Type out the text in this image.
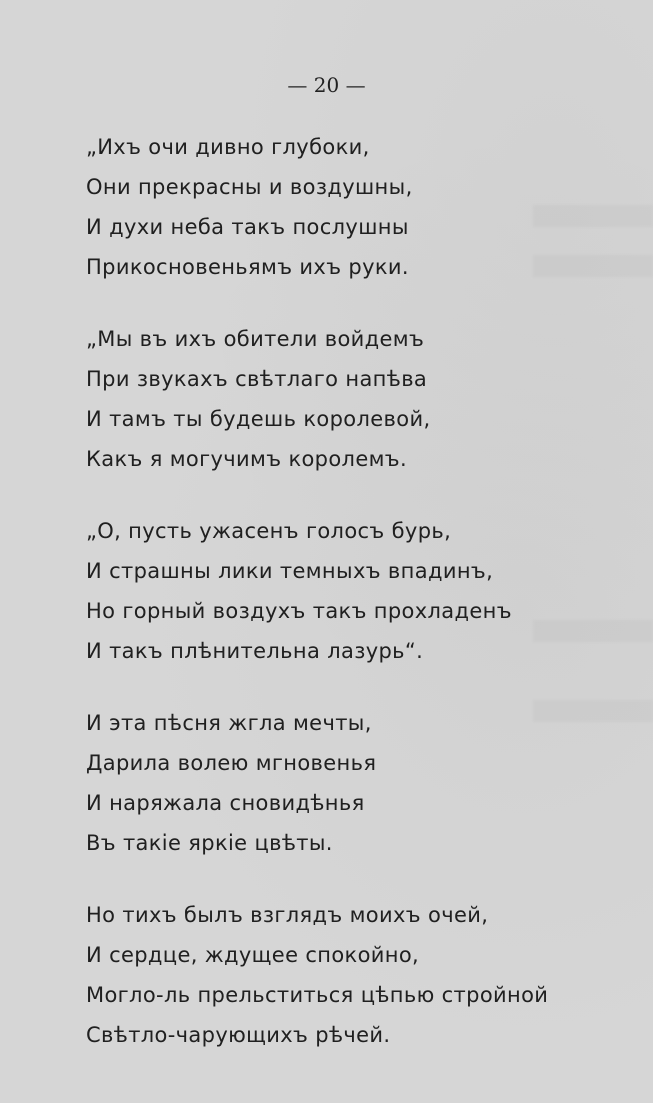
— 20 —
„Ихъ очи дивно глубоки,
Они прекрасны и воздушны,
И духи неба такъ послушны
Прикосновеньямъ ихъ руки.
„Мы въ ихъ обители войдемъ
При звукахъ свѣтлаго напѣва
И тамъ ты будешь королевой,
Какъ я могучимъ королемъ.
„О, пусть ужасенъ голосъ бурь,
И страшны лики темныхъ впадинъ,
Но горный воздухъ такъ прохладенъ
И такъ плѣнительна лазурь“.
И эта пѣсня жгла мечты,
Дарила волею мгновенья
И наряжала сновидѣнья
Въ такiе яркiе цвѣты.
Но тихъ былъ взглядъ моихъ очей,
И сердце, ждущее спокойно,
Могло-ль прельститься цѣпью стройной
Свѣтло-чарующихъ рѣчей.
